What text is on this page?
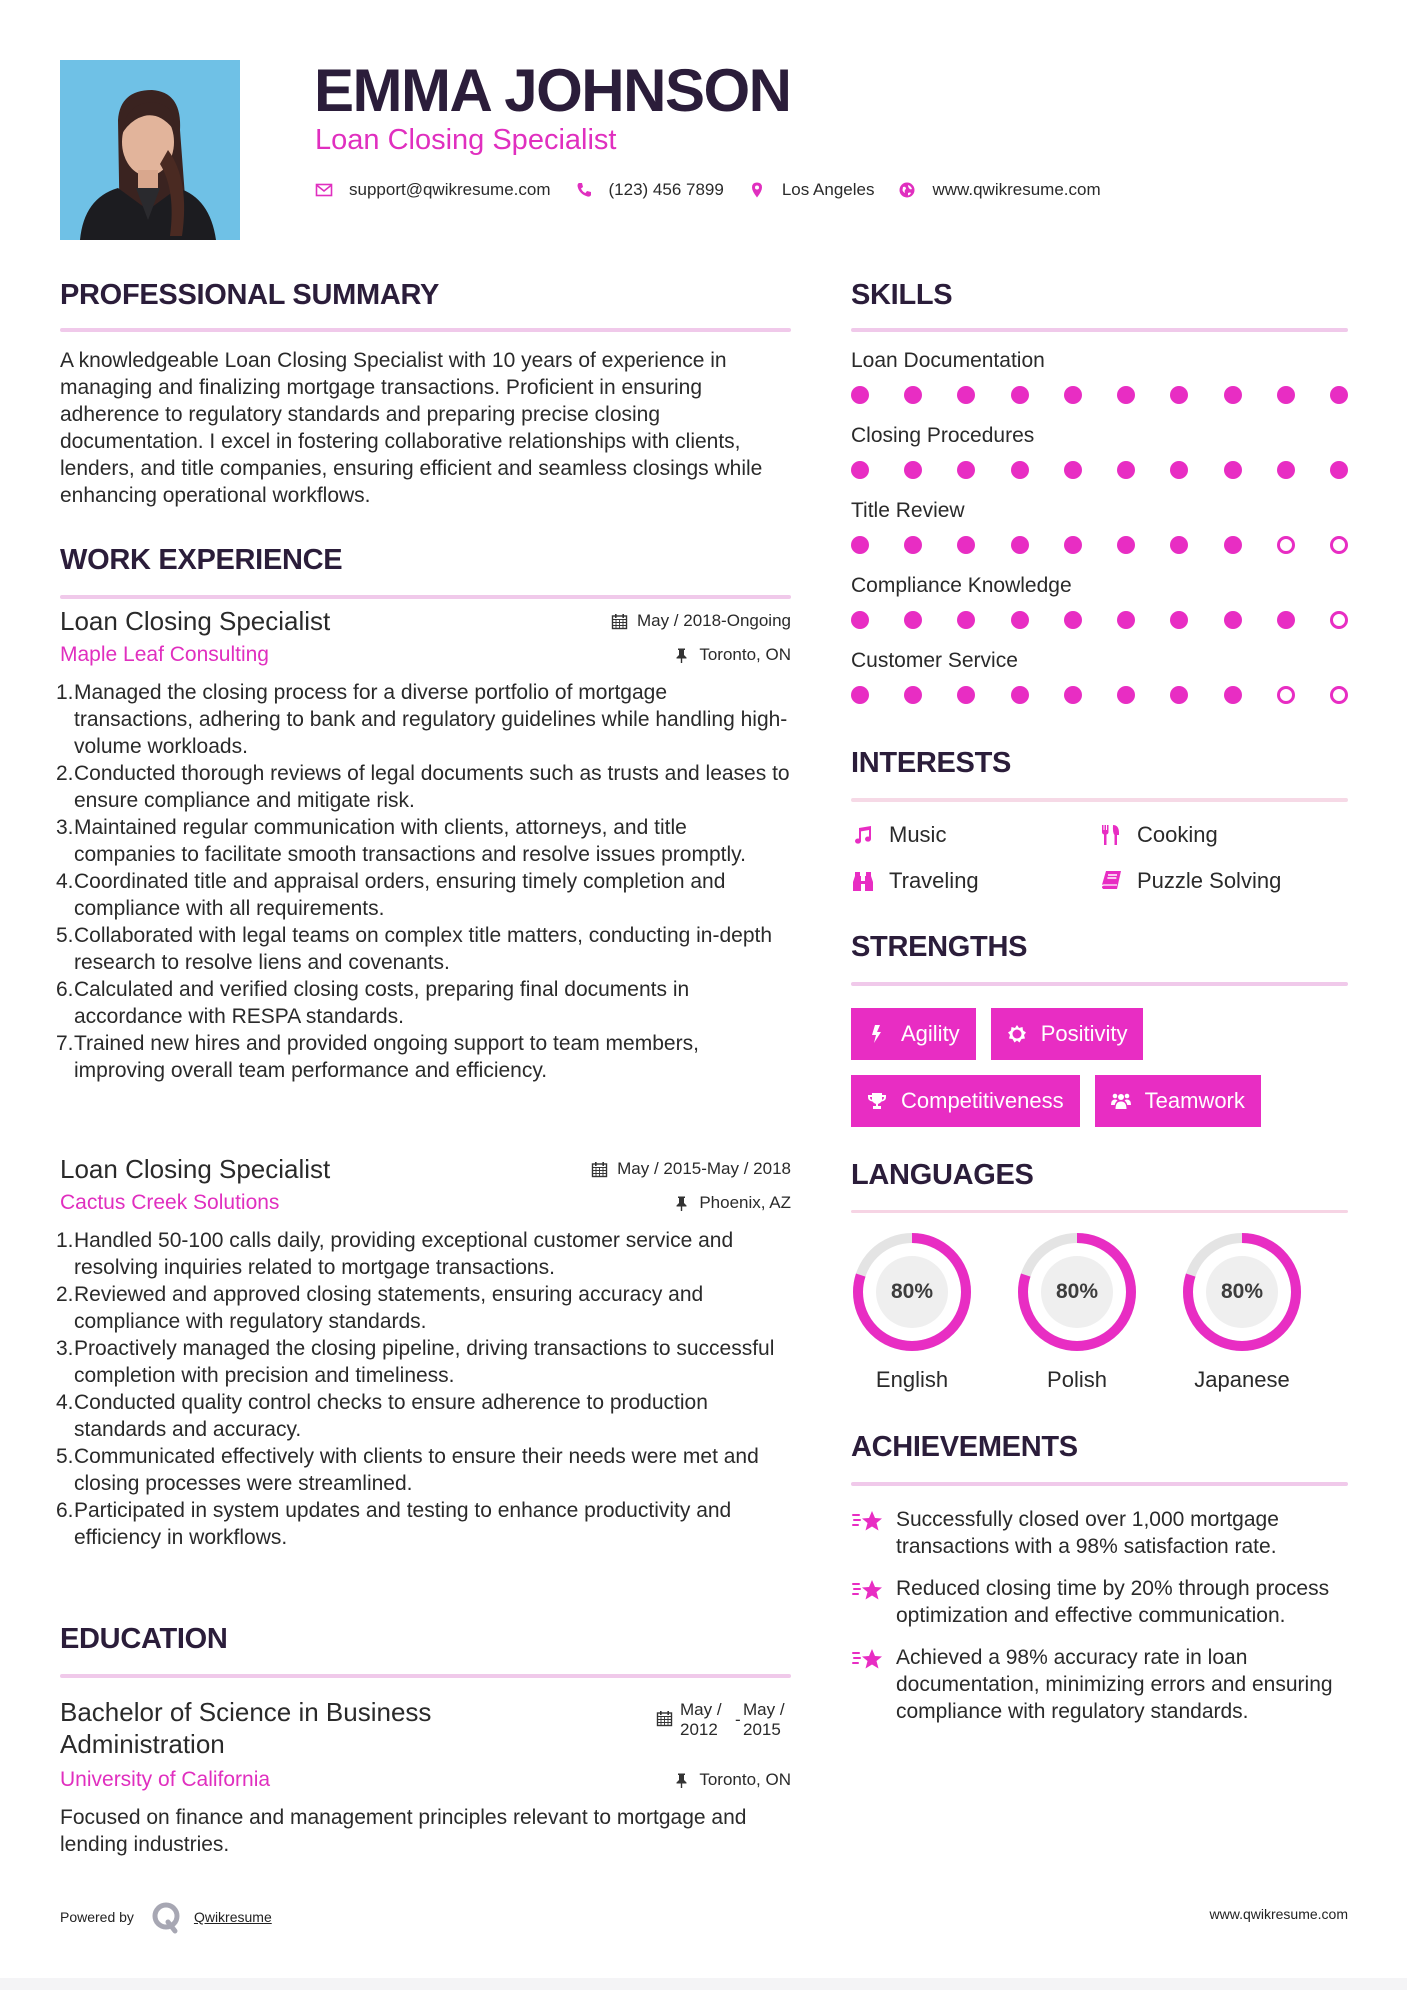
EMMA JOHNSON
Loan Closing Specialist
support@qwikresume.com	(123) 456 7899	Los Angeles	www.qwikresume.com
PROFESSIONAL SUMMARY
A knowledgeable Loan Closing Specialist with 10 years of experience in managing and finalizing mortgage transactions. Proficient in ensuring adherence to regulatory standards and preparing precise closing documentation. I excel in fostering collaborative relationships with clients, lenders, and title companies, ensuring efficient and seamless closings while enhancing operational workflows.
WORK EXPERIENCE
Loan Closing Specialist	May / 2018-Ongoing
Maple Leaf Consulting	Toronto, ON
1. Managed the closing process for a diverse portfolio of mortgage transactions, adhering to bank and regulatory guidelines while handling high-volume workloads.
2. Conducted thorough reviews of legal documents such as trusts and leases to ensure compliance and mitigate risk.
3. Maintained regular communication with clients, attorneys, and title companies to facilitate smooth transactions and resolve issues promptly.
4. Coordinated title and appraisal orders, ensuring timely completion and compliance with all requirements.
5. Collaborated with legal teams on complex title matters, conducting in-depth research to resolve liens and covenants.
6. Calculated and verified closing costs, preparing final documents in accordance with RESPA standards.
7. Trained new hires and provided ongoing support to team members, improving overall team performance and efficiency.
Loan Closing Specialist	May / 2015-May / 2018
Cactus Creek Solutions	Phoenix, AZ
1. Handled 50-100 calls daily, providing exceptional customer service and resolving inquiries related to mortgage transactions.
2. Reviewed and approved closing statements, ensuring accuracy and compliance with regulatory standards.
3. Proactively managed the closing pipeline, driving transactions to successful completion with precision and timeliness.
4. Conducted quality control checks to ensure adherence to production standards and accuracy.
5. Communicated effectively with clients to ensure their needs were met and closing processes were streamlined.
6. Participated in system updates and testing to enhance productivity and efficiency in workflows.
EDUCATION
Bachelor of Science in Business
Administration
May /
2012
-
May /
2015
University of California	Toronto, ON
Focused on finance and management principles relevant to mortgage and lending industries.
SKILLS
Loan Documentation
Closing Procedures
Title Review
Compliance Knowledge
Customer Service
INTERESTS
Music	Cooking
Traveling	Puzzle Solving
STRENGTHS
Agility	Positivity
Competitiveness	Teamwork
LANGUAGES
80%
English
80%
Polish
80%
Japanese
ACHIEVEMENTS
Successfully closed over 1,000 mortgage transactions with a 98% satisfaction rate.
Reduced closing time by 20% through process optimization and effective communication.
Achieved a 98% accuracy rate in loan documentation, minimizing errors and ensuring compliance with regulatory standards.
Powered by	Qwikresume	www.qwikresume.com
